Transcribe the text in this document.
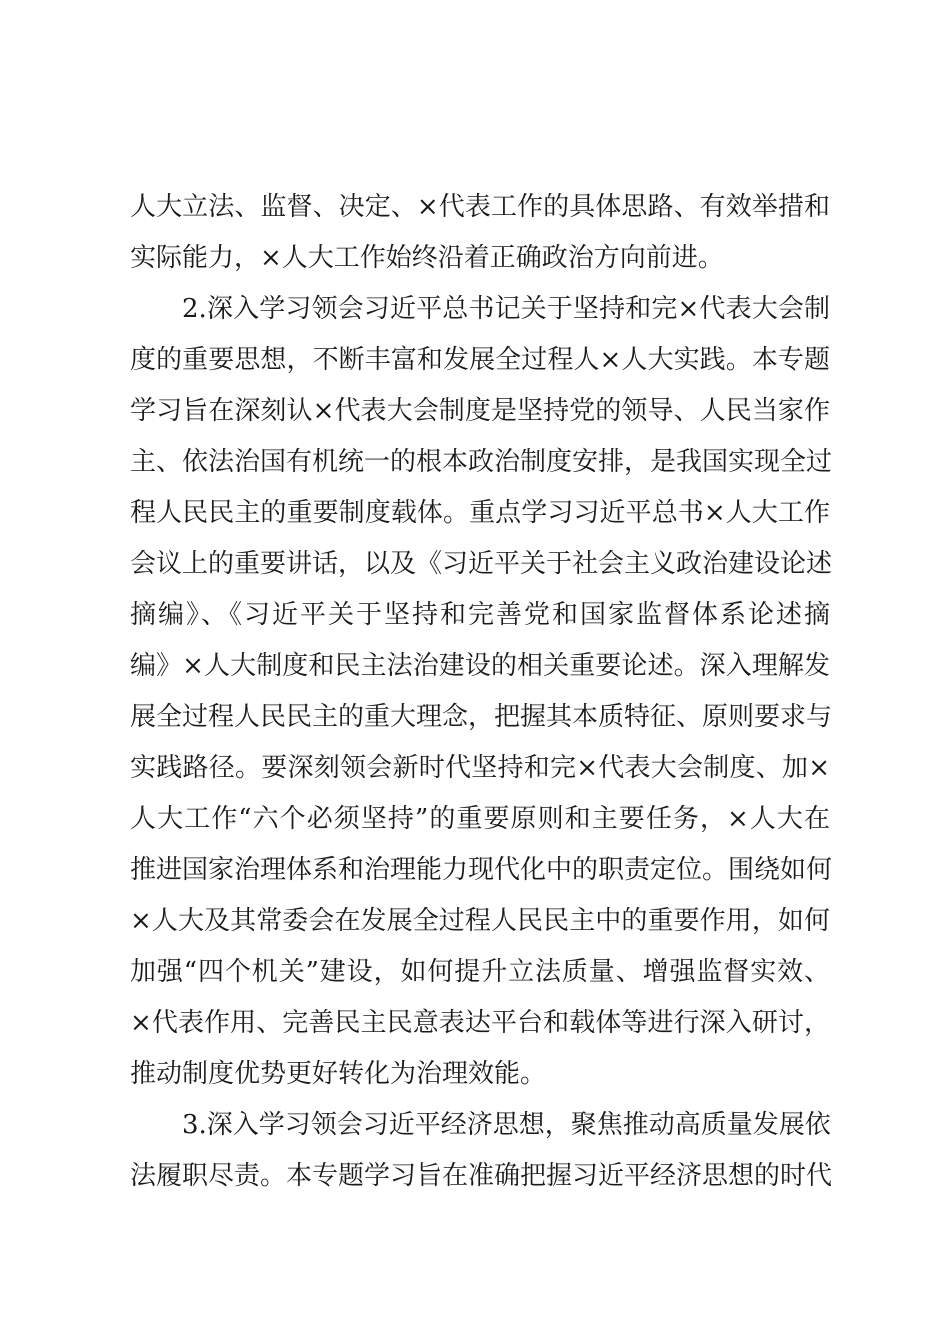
人大立法、监督、决定、×代表工作的具体思路、有效举措和
实际能力，×人大工作始终沿着正确政治方向前进。
2.深入学习领会习近平总书记关于坚持和完×代表大会制
度的重要思想，不断丰富和发展全过程人×人大实践。本专题
学习旨在深刻认×代表大会制度是坚持党的领导、人民当家作
主、依法治国有机统一的根本政治制度安排，是我国实现全过
程人民民主的重要制度载体。重点学习习近平总书×人大工作
会议上的重要讲话，以及《习近平关于社会主义政治建设论述
摘编》、《习近平关于坚持和完善党和国家监督体系论述摘
编》×人大制度和民主法治建设的相关重要论述。深入理解发
展全过程人民民主的重大理念，把握其本质特征、原则要求与
实践路径。要深刻领会新时代坚持和完×代表大会制度、加×
人大工作“六个必须坚持”的重要原则和主要任务，×人大在
推进国家治理体系和治理能力现代化中的职责定位。围绕如何
×人大及其常委会在发展全过程人民民主中的重要作用，如何
加强“四个机关”建设，如何提升立法质量、增强监督实效、
×代表作用、完善民主民意表达平台和载体等进行深入研讨，
推动制度优势更好转化为治理效能。
3.深入学习领会习近平经济思想，聚焦推动高质量发展依
法履职尽责。本专题学习旨在准确把握习近平经济思想的时代
